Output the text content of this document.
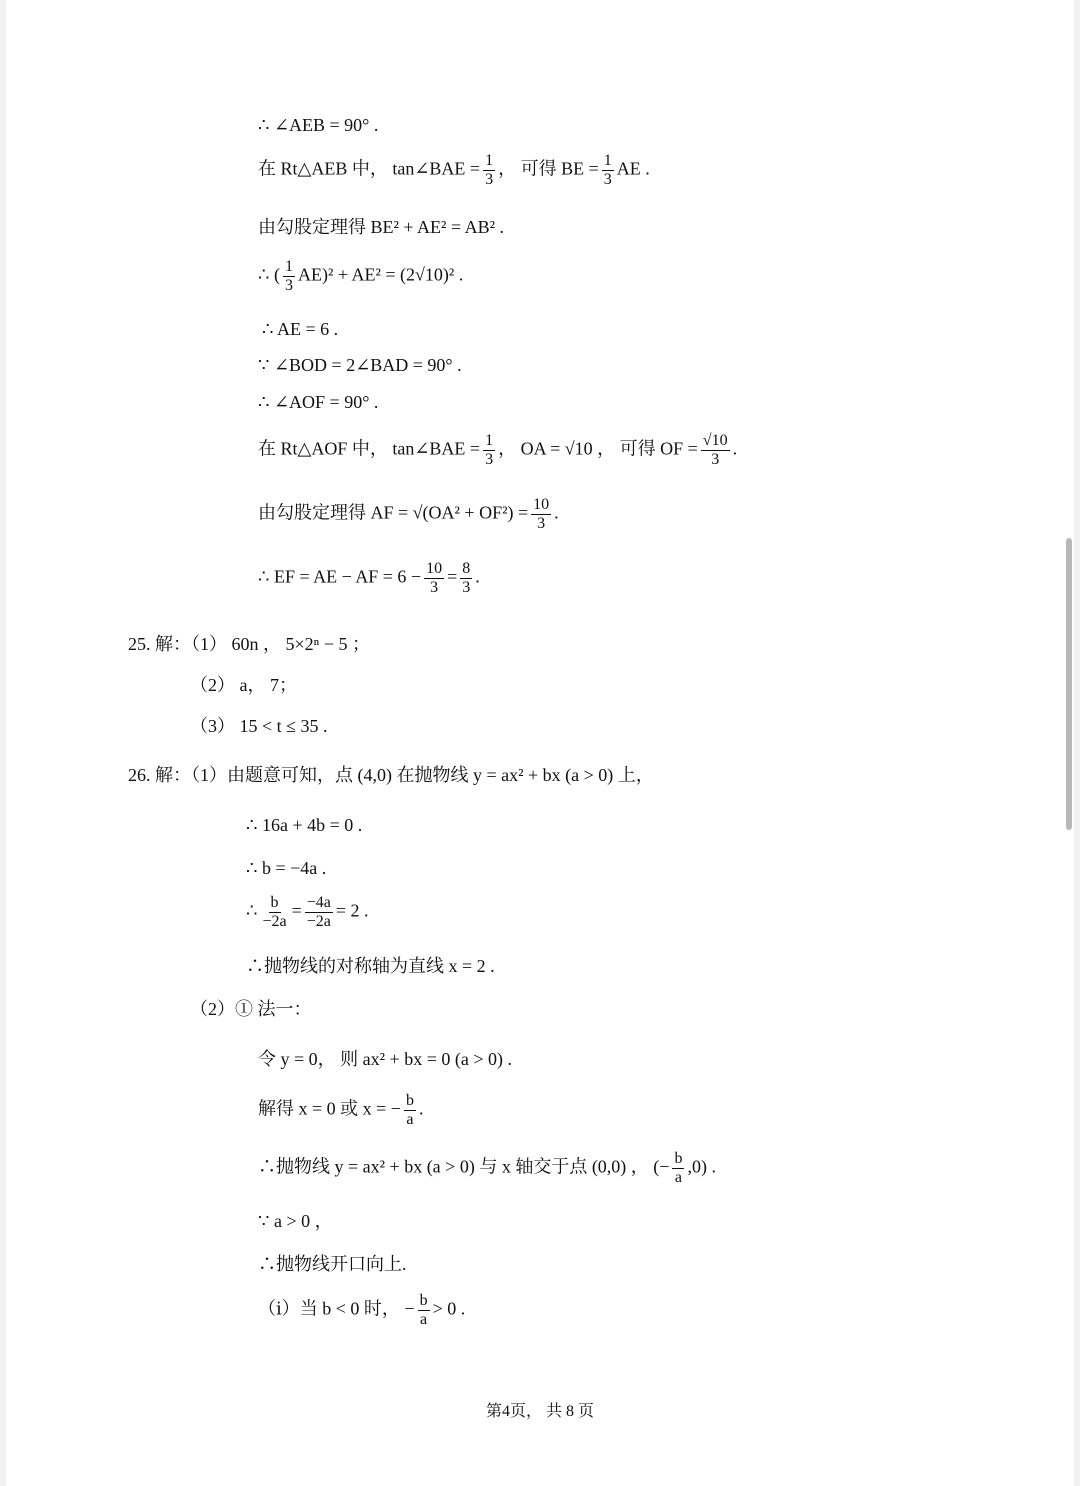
∴ ∠AEB = 90° .
在 Rt△AEB 中， tan∠BAE = $\frac{1}{3}$ ， 可得 BE = $\frac{1}{3}$ AE .
由勾股定理得 BE² + AE² = AB² .
∴ ( $\frac{1}{3} AE)^2 + AE^2 = (2√10)^2$ .
∴ AE = 6 .
∵ ∠BOD = 2∠BAD = 90° .
∴ ∠AOF = 90° .
在 Rt△AOF 中， tan∠BAE = $\frac{1}{3}$ ， OA = √10 ， 可得 OF = $\frac{√10}{3}$ .
由勾股定理得 AF = $√(OA^2 + OF^2) = \frac{10}{3}$ .
∴ EF = AE − AF = $6 - \frac{10}{3} = \frac{8}{3}$ .
25. 解：（1） 60n ， 5×2ⁿ − 5 ；
（2） a， 7；
（3） 15 < t ≤ 35 .
26. 解：（1）由题意可知，点 (4,0) 在抛物线 y = ax² + bx (a > 0) 上，
∴ 16a + 4b = 0 .
∴ b = −4a .
∴ $\frac{b}{-2a} = \frac{-4a}{-2a} = 2$ .
∴抛物线的对称轴为直线 x = 2 .
（2）① 法一：
令 y = 0， 则 ax² + bx = 0 (a > 0) .
解得 x = 0 或 x = − $\frac{b}{a}$ .
∴抛物线 y = ax² + bx (a > 0) 与 x 轴交于点 (0,0) ， (− $\frac{b}{a} ,0$) .
∵ a > 0 ，
∴抛物线开口向上.
（ⅰ）当 b < 0 时， − $\frac{b}{a} > 0$ .
第4页， 共 8 页
